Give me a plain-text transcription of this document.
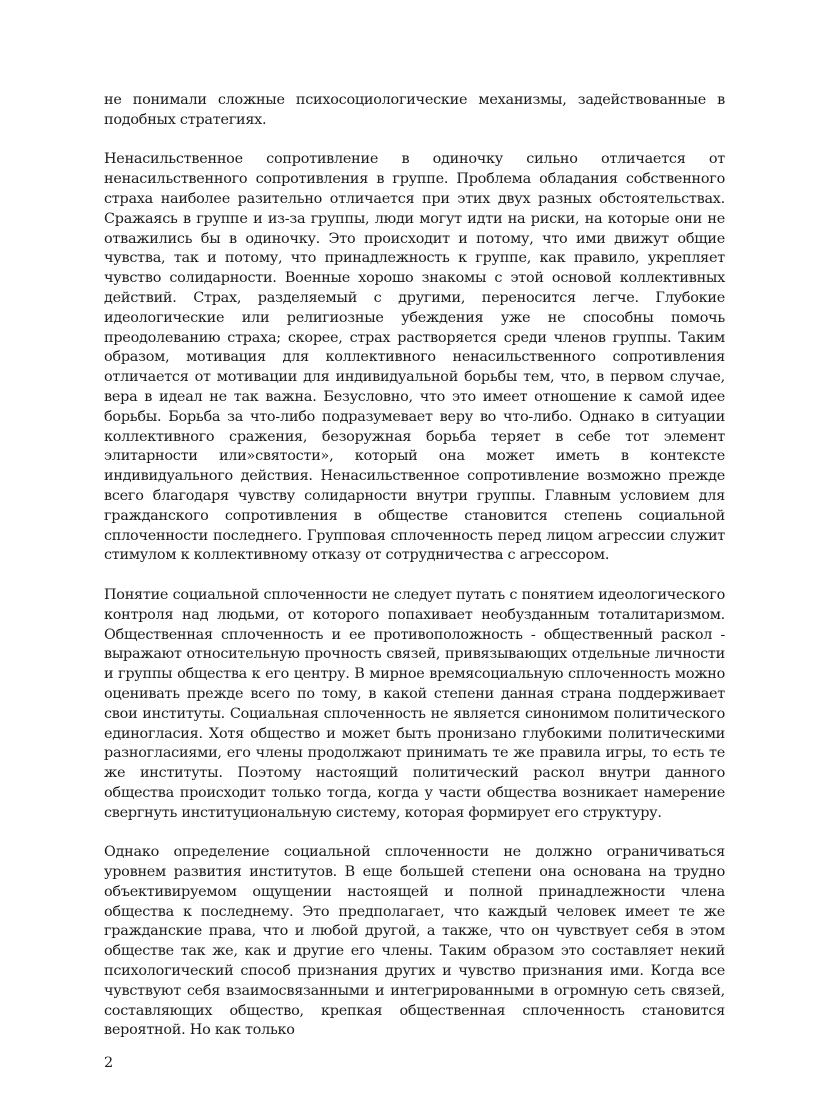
не понимали сложные психосоциологические механизмы, задействованные в подобных стратегиях.

Ненасильственное сопротивление в одиночку сильно отличается от ненасильственного сопротивления в группе. Проблема обладания собственного страха наиболее разительно отличается при этих двух разных обстоятельствах. Сражаясь в группе и из-за группы, люди могут идти на риски, на которые они не отважились бы в одиночку. Это происходит и потому, что ими движут общие чувства, так и потому, что принадлежность к группе, как правило, укрепляет чувство солидарности. Военные хорошо знакомы с этой основой коллективных действий. Страх, разделяемый с другими, переносится легче. Глубокие идеологические или религиозные убеждения уже не способны помочь преодолеванию страха; скорее, страх растворяется среди членов группы. Таким образом, мотивация для коллективного ненасильственного сопротивления отличается от мотивации для индивидуальной борьбы тем, что, в первом случае, вера в идеал не так важна. Безусловно, что это имеет отношение к самой идее борьбы. Борьба за что-либо подразумевает веру во что-либо. Однако в ситуации коллективного сражения, безоружная борьба теряет в себе тот элемент элитарности или»святости», который она может иметь в контексте индивидуального действия. Ненасильственное сопротивление возможно прежде всего благодаря чувству солидарности внутри группы. Главным условием для гражданского сопротивления в обществе становится степень социальной сплоченности последнего. Групповая сплоченность перед лицом агрессии служит стимулом к коллективному отказу от сотрудничества с агрессором.

Понятие социальной сплоченности не следует путать с понятием идеологического контроля над людьми, от которого попахивает необузданным тоталитаризмом. Общественная сплоченность и ее противоположность - общественный раскол - выражают относительную прочность связей, привязывающих отдельные личности и группы общества к его центру. В мирное времясоциальную сплоченность можно оценивать прежде всего по тому, в какой степени данная страна поддерживает свои институты. Социальная сплоченность не является синонимом политического единогласия. Хотя общество и может быть пронизано глубокими политическими разногласиями, его члены продолжают принимать те же правила игры, то есть те же институты. Поэтому настоящий политический раскол внутри данного общества происходит только тогда, когда у части общества возникает намерение свергнуть институциональную систему, которая формирует его структуру.

Однако определение социальной сплоченности не должно ограничиваться уровнем развития институтов. В еще большей степени она основана на трудно объективируемом ощущении настоящей и полной принадлежности члена общества к последнему. Это предполагает, что каждый человек имеет те же гражданские права, что и любой другой, а также, что он чувствует себя в этом обществе так же, как и другие его члены. Таким образом это составляет некий психологический способ признания других и чувство признания ими. Когда все чувствуют себя взаимосвязанными и интегрированными в огромную сеть связей, составляющих общество, крепкая общественная сплоченность становится вероятной. Но как только

2
